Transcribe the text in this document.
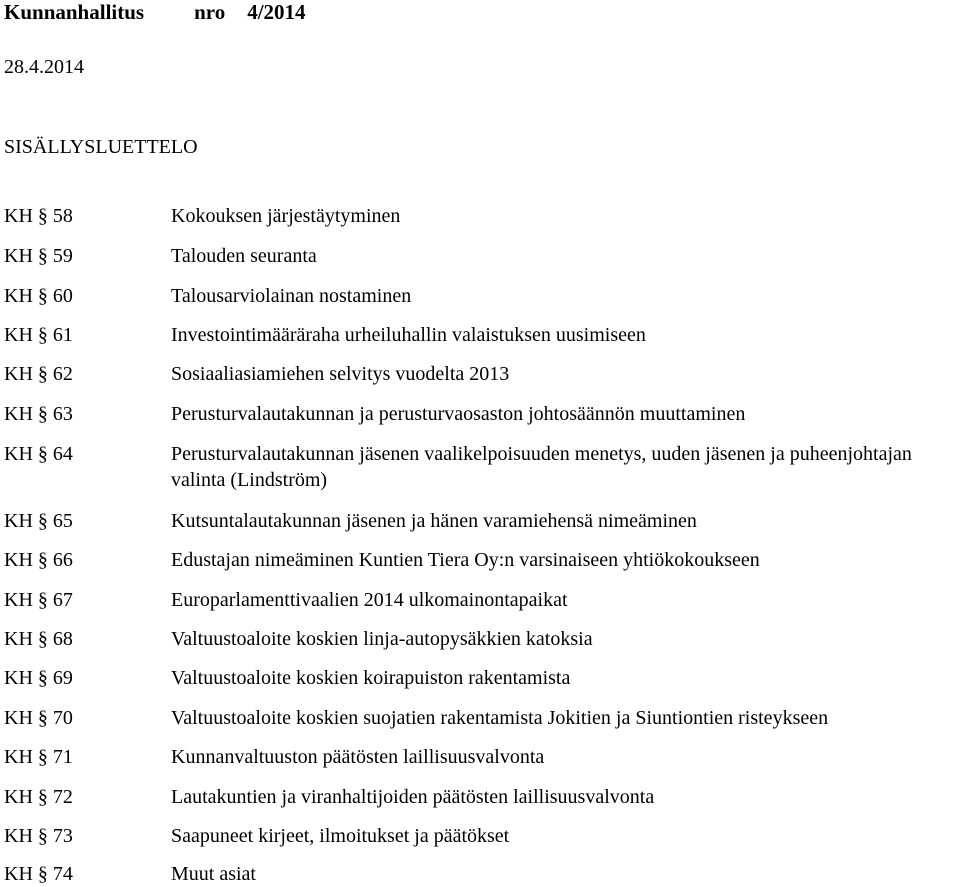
Kunnanhallitus nro 4/2014
28.4.2014
SISÄLLYSLUETTELO
KH § 58	Kokouksen järjestäytyminen
KH § 59	Talouden seuranta
KH § 60	Talousarviolainan nostaminen
KH § 61	Investointimääräraha urheiluhallin valaistuksen uusimiseen
KH § 62	Sosiaaliasiamiehen selvitys vuodelta 2013
KH § 63	Perusturvalautakunnan ja perusturvaosaston johtosäännön muuttaminen
KH § 64	Perusturvalautakunnan jäsenen vaalikelpoisuuden menetys, uuden jäsenen ja puheenjohtajan valinta (Lindström)
KH § 65	Kutsuntalautakunnan jäsenen ja hänen varamiehensä nimeäminen
KH § 66	Edustajan nimeäminen Kuntien Tiera Oy:n varsinaiseen yhtiökokoukseen
KH § 67	Europarlamenttivaalien 2014 ulkomainontapaikat
KH § 68	Valtuustoaloite koskien linja-autopysäkkien katoksia
KH § 69	Valtuustoaloite koskien koirapuiston rakentamista
KH § 70	Valtuustoaloite koskien suojatien rakentamista Jokitien ja Siuntiontien risteykseen
KH § 71	Kunnanvaltuuston päätösten laillisuusvalvonta
KH § 72	Lautakuntien ja viranhaltijoiden päätösten laillisuusvalvonta
KH § 73	Saapuneet kirjeet, ilmoitukset ja päätökset
KH § 74	Muut asiat
